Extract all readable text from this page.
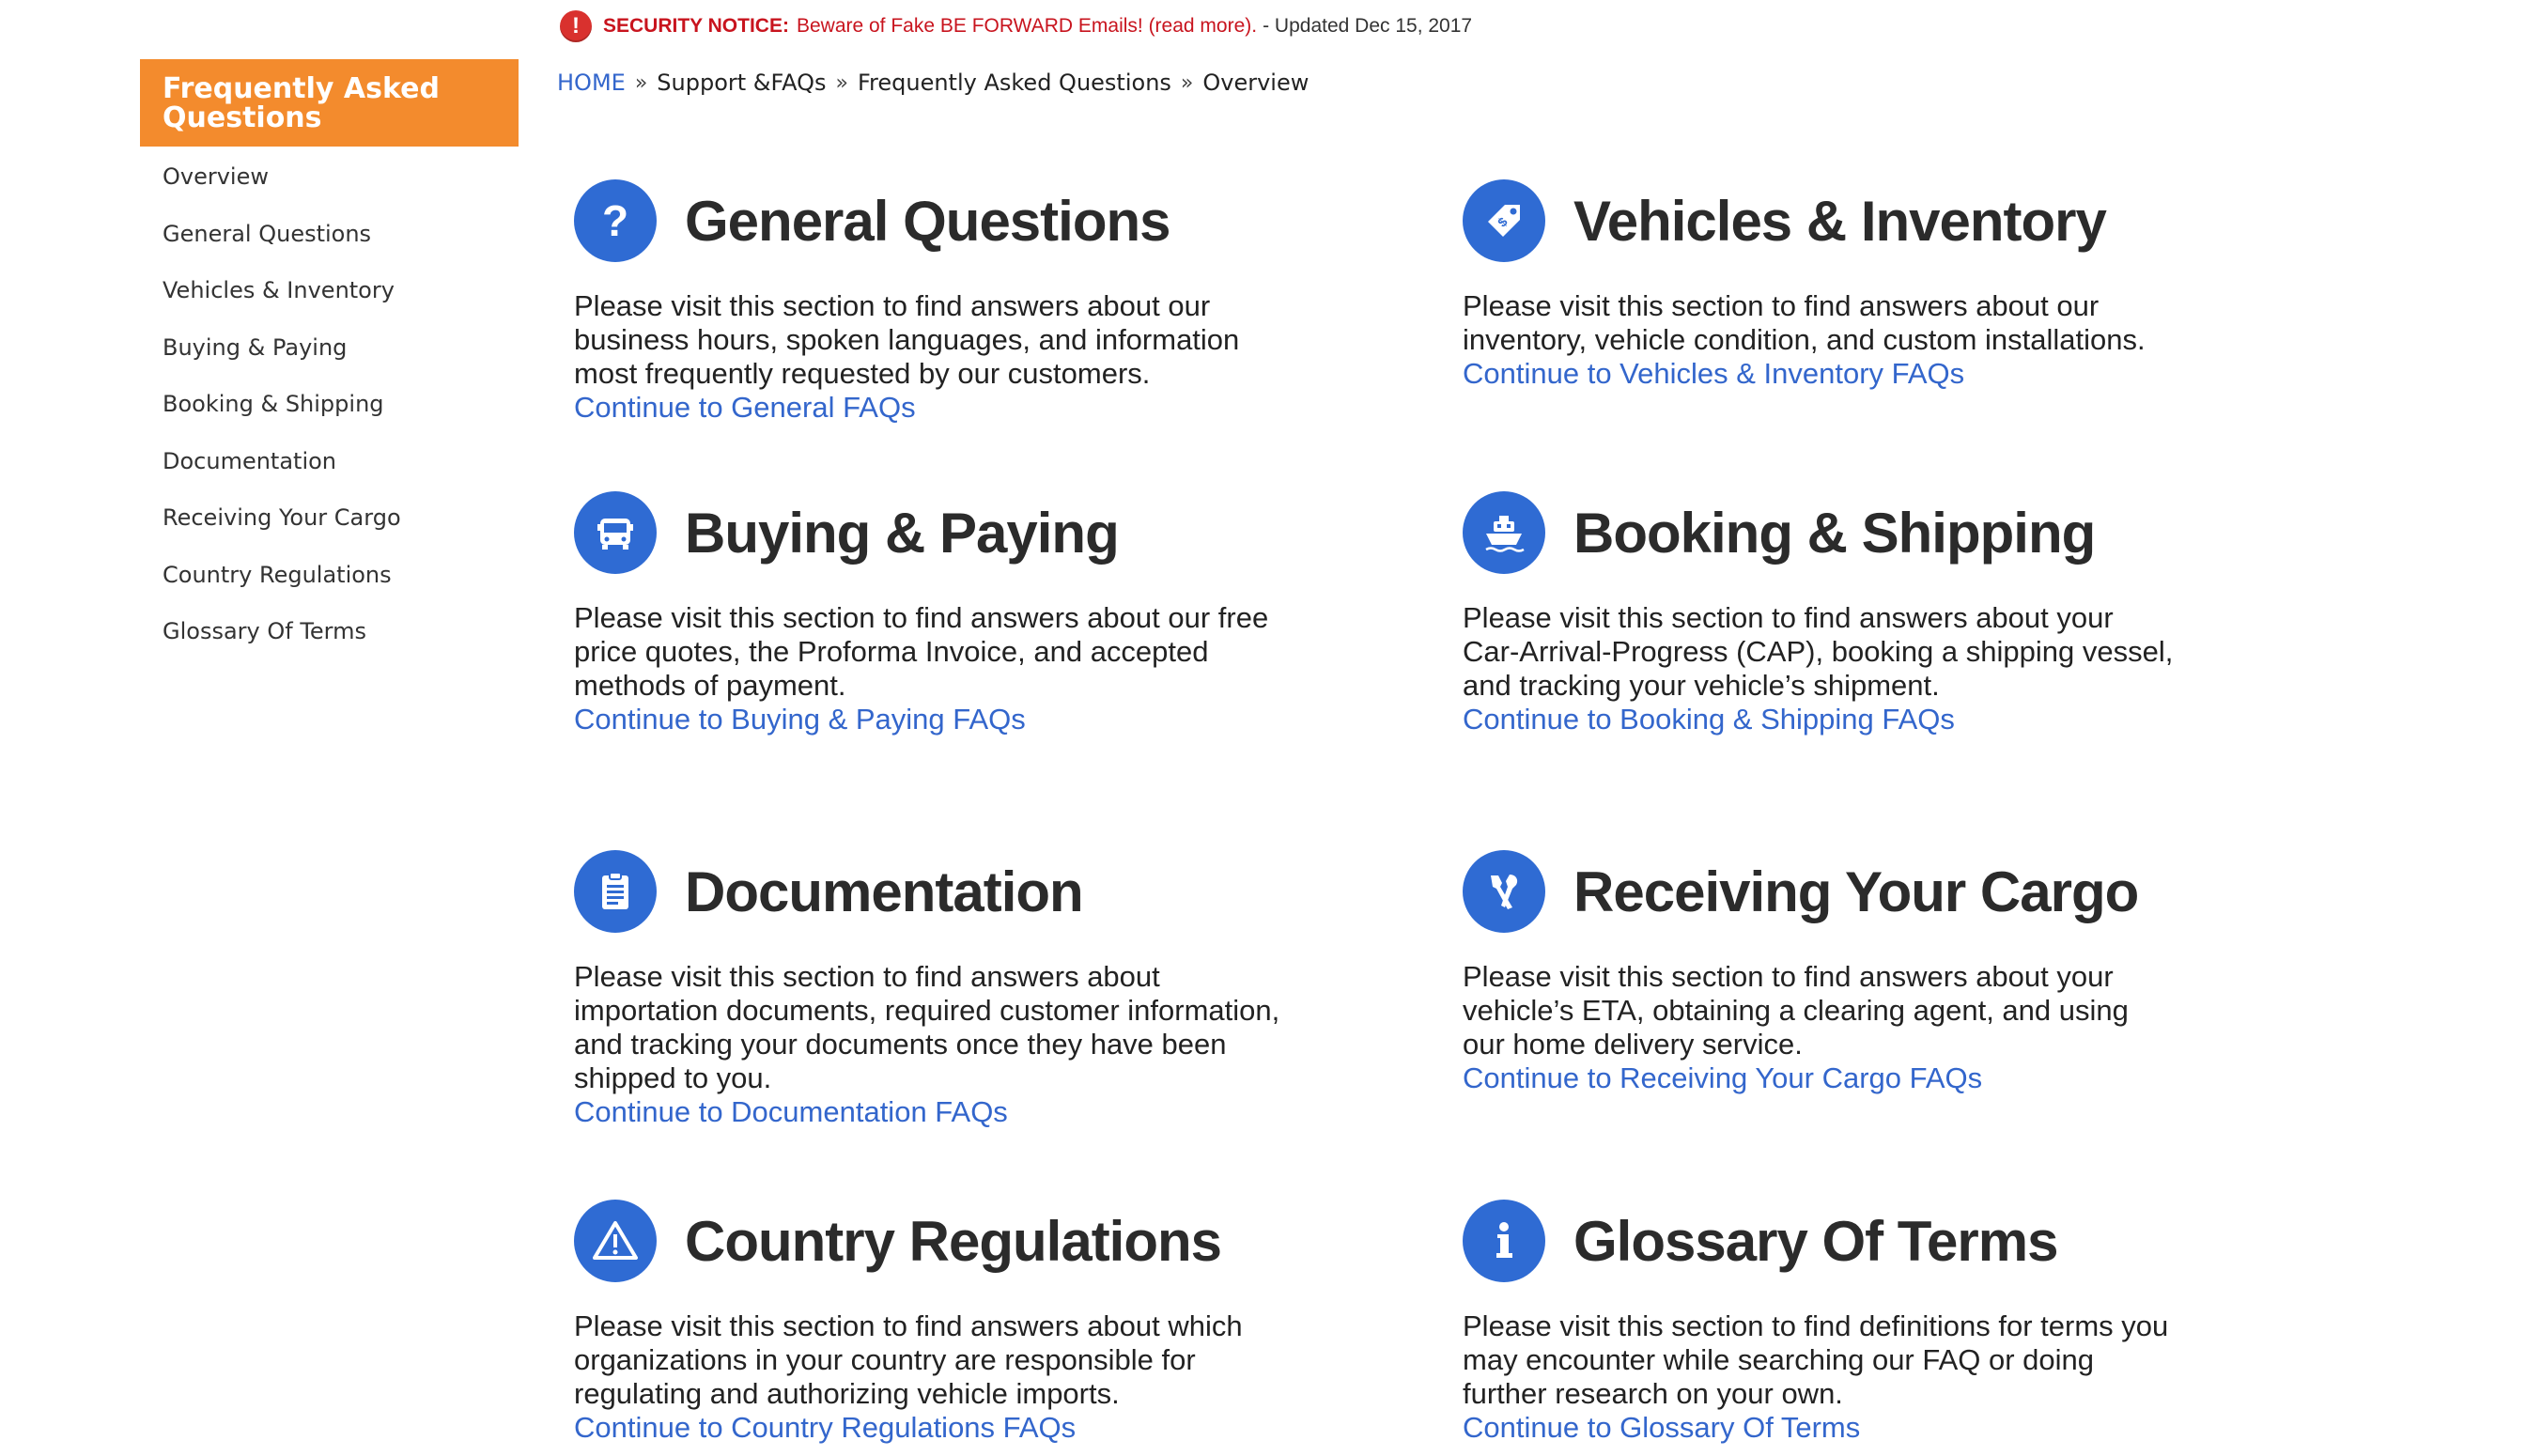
!	SECURITY NOTICE: Beware of Fake BE FORWARD Emails! (read more). - Updated Dec 15, 2017
Frequently Asked Questions
Overview
General Questions
Vehicles & Inventory
Buying & Paying
Booking & Shipping
Documentation
Receiving Your Cargo
Country Regulations
Glossary Of Terms
HOME » Support &FAQs » Frequently Asked Questions » Overview
? General Questions

Please visit this section to find answers about our business hours, spoken languages, and information most frequently requested by our customers.

Continue to General FAQs
$ Vehicles & Inventory

Please visit this section to find answers about our inventory, vehicle condition, and custom installations.

Continue to Vehicles & Inventory FAQs
Buying & Paying

Please visit this section to find answers about our free price quotes, the Proforma Invoice, and accepted methods of payment.

Continue to Buying & Paying FAQs
Booking & Shipping

Please visit this section to find answers about your Car-Arrival-Progress (CAP), booking a shipping vessel, and tracking your vehicle’s shipment.

Continue to Booking & Shipping FAQs
Documentation

Please visit this section to find answers about importation documents, required customer information, and tracking your documents once they have been shipped to you.

Continue to Documentation FAQs
Receiving Your Cargo

Please visit this section to find answers about your vehicle’s ETA, obtaining a clearing agent, and using our home delivery service.

Continue to Receiving Your Cargo FAQs
Country Regulations

Please visit this section to find answers about which organizations in your country are responsible for regulating and authorizing vehicle imports.

Continue to Country Regulations FAQs
Glossary Of Terms

Please visit this section to find definitions for terms you may encounter while searching our FAQ or doing further research on your own.

Continue to Glossary Of Terms
